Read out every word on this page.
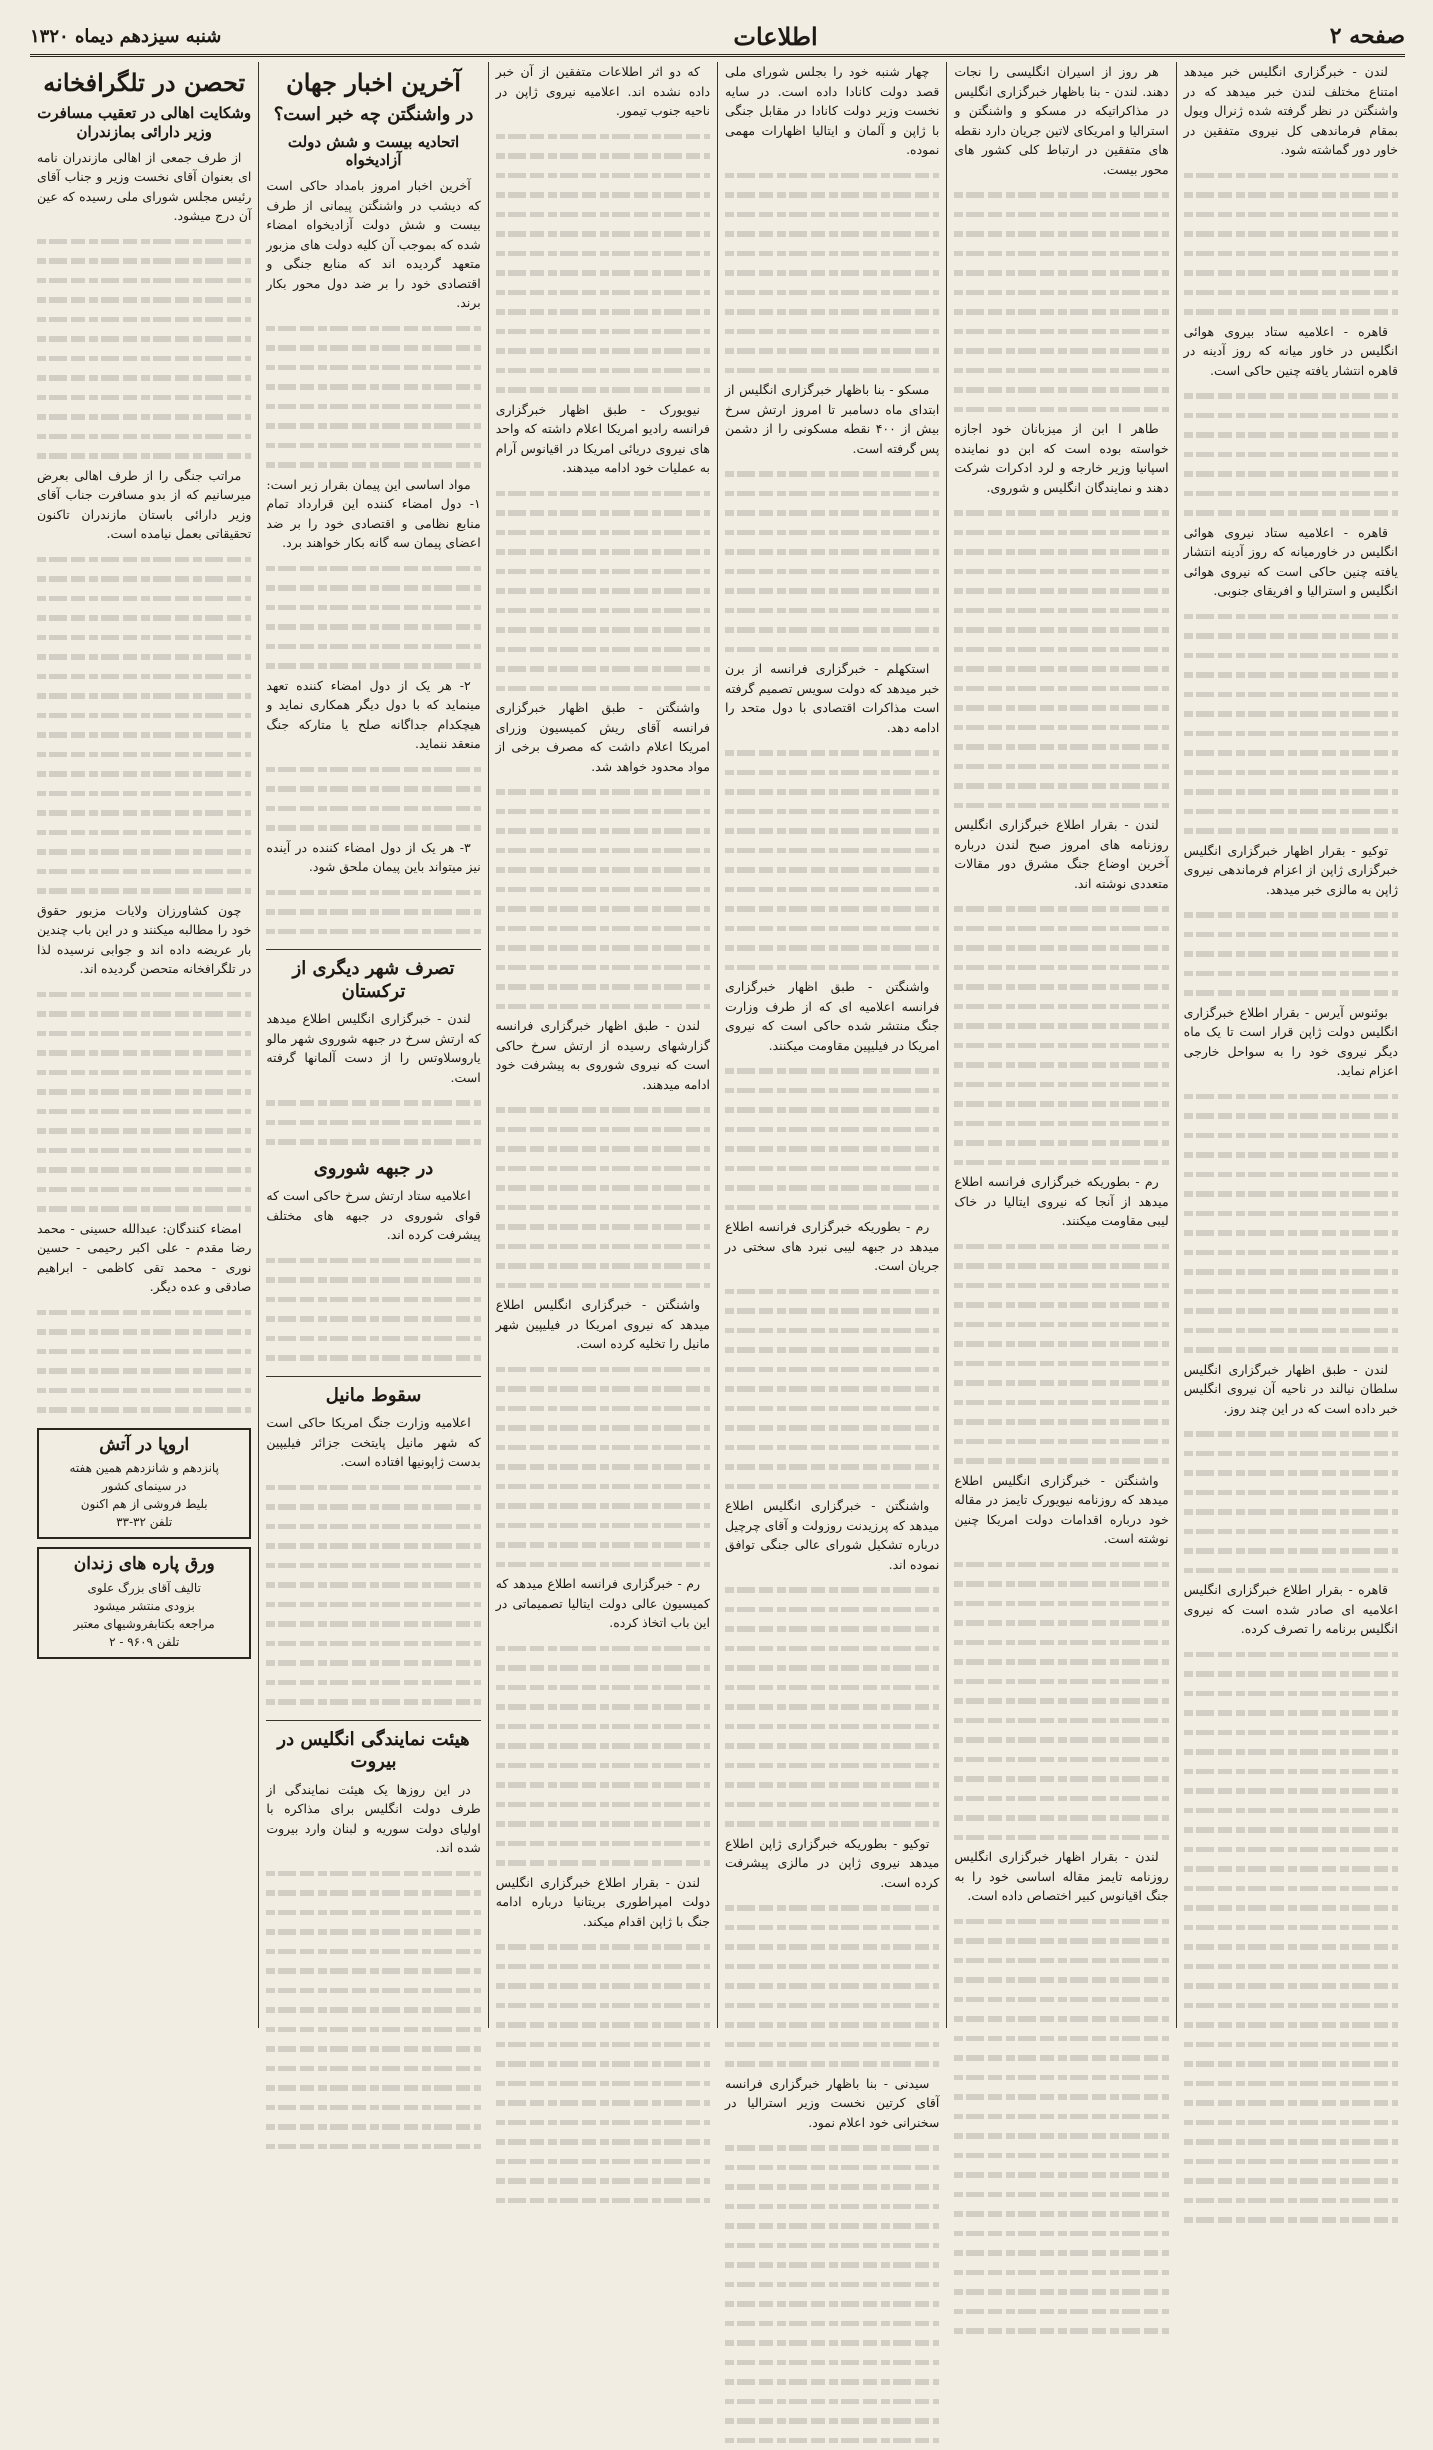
صفحه ۲
اطلاعات
شنبه سیزدهم دیماه ۱۳۲۰

لندن - خبرگزاری انگلیس خبر میدهد امتناع مختلف لندن خبر میدهد که در واشنگتن در نظر گرفته شده ژنرال ویول بمقام فرماندهی کل نیروی متفقین در خاور دور گماشته شود.

قاهره - اعلامیه ستاد بیروی هوائی انگلیس در خاور میانه که روز آدینه در قاهره انتشار یافته چنین حاکی است.

قاهره - اعلامیه ستاد نیروی هوائی انگلیس در خاورمیانه که روز آدینه انتشار یافته چنین حاکی است که نیروی هوائی انگلیس و استرالیا و افریقای جنوبی.

توکیو - بقرار اظهار خبرگزاری انگلیس خبرگزاری ژاپن از اعزام فرماندهی نیروی ژاپن به مالزی خبر میدهد.

بوئنوس آیرس - بقرار اطلاع خبرگزاری انگلیس دولت ژاپن قرار است تا یک ماه دیگر نیروی خود را به سواحل خارجی اعزام نماید.

لندن - طبق اظهار خبرگزاری انگلیس سلطان نیالند در ناحیه آن نیروی انگلیس خبر داده است که در این چند روز.

قاهره - بقرار اطلاع خبرگزاری انگلیس اعلامیه ای صادر شده است که نیروی انگلیس برنامه را تصرف کرده.

هر روز از اسیران انگلیسی را نجات دهند. لندن - بنا باظهار خبرگزاری انگلیس در مذاکراتیکه در مسکو و واشنگتن و استرالیا و امریکای لاتین جریان دارد نقطه های متفقین در ارتباط کلی کشور های محور بیست.

طاهر ا ابن از میزبانان خود اجازه خواسته بوده است که ابن دو نماینده اسپانیا وزیر خارجه و لرد ادکرات شرکت دهند و نمایندگان انگلیس و شوروی.

لندن - بقرار اطلاع خبرگزاری انگلیس روزنامه های امروز صبح لندن درباره آخرین اوضاع جنگ مشرق دور مقالات متعددی نوشته اند.

رم - بطوریکه خبرگزاری فرانسه اطلاع میدهد از آنجا که نیروی ایتالیا در خاک لیبی مقاومت میکنند.

واشنگتن - خبرگزاری انگلیس اطلاع میدهد که روزنامه نیویورک تایمز در مقاله خود درباره اقدامات دولت امریکا چنین نوشته است.

لندن - بقرار اظهار خبرگزاری انگلیس روزنامه تایمز مقاله اساسی خود را به جنگ اقیانوس کبیر اختصاص داده است.

چهار شنبه خود را بجلس شورای ملی قصد دولت کانادا داده است. در سایه نخست وزیر دولت کانادا در مقابل جنگی با ژاپن و آلمان و ایتالیا اظهارات مهمی نموده.

مسکو - بنا باظهار خبرگزاری انگلیس از ابتدای ماه دسامبر تا امروز ارتش سرخ بیش از ۴۰۰ نقطه مسکونی را از دشمن پس گرفته است.

استکهلم - خبرگزاری فرانسه از برن خبر میدهد که دولت سویس تصمیم گرفته است مذاکرات اقتصادی با دول متحد را ادامه دهد.

واشنگتن - طبق اظهار خبرگزاری فرانسه اعلامیه ای که از طرف وزارت جنگ منتشر شده حاکی است که نیروی امریکا در فیلیپین مقاومت میکنند.

رم - بطوریکه خبرگزاری فرانسه اطلاع میدهد در جبهه لیبی نبرد های سختی در جریان است.

واشنگتن - خبرگزاری انگلیس اطلاع میدهد که پرزیدنت روزولت و آقای چرچیل درباره تشکیل شورای عالی جنگی توافق نموده اند.

توکیو - بطوریکه خبرگزاری ژاپن اطلاع میدهد نیروی ژاپن در مالزی پیشرفت کرده است.

سیدنی - بنا باظهار خبرگزاری فرانسه آقای کرتین نخست وزیر استرالیا در سخنرانی خود اعلام نمود.

که دو اثر اطلاعات متفقین از آن خبر داده نشده اند. اعلامیه نیروی ژاپن در ناحیه جنوب تیمور.

نیویورک - طبق اظهار خبرگزاری فرانسه رادیو امریکا اعلام داشته که واحد های نیروی دریائی امریکا در اقیانوس آرام به عملیات خود ادامه میدهند.

واشنگتن - طبق اظهار خبرگزاری فرانسه آقای ریش کمیسیون وزرای امریکا اعلام داشت که مصرف برخی از مواد محدود خواهد شد.

لندن - طبق اظهار خبرگزاری فرانسه گزارشهای رسیده از ارتش سرخ حاکی است که نیروی شوروی به پیشرفت خود ادامه میدهند.

واشنگتن - خبرگزاری انگلیس اطلاع میدهد که نیروی امریکا در فیلیپین شهر مانیل را تخلیه کرده است.

رم - خبرگزاری فرانسه اطلاع میدهد که کمیسیون عالی دولت ایتالیا تصمیماتی در این باب اتخاذ کرده.

لندن - بقرار اطلاع خبرگزاری انگلیس دولت امپراطوری بریتانیا درباره ادامه جنگ با ژاپن اقدام میکند.

آخرین اخبار جهان
در واشنگتن چه خبر است؟
اتحادیه بیست و شش دولت آزادیخواه

آخرین اخبار امروز بامداد حاکی است که دیشب در واشنگتن پیمانی از طرف بیست و شش دولت آزادیخواه امضاء شده که بموجب آن کلیه دولت های مزبور متعهد گردیده اند که منابع جنگی و اقتصادی خود را بر ضد دول محور بکار برند.

مواد اساسی این پیمان بقرار زیر است: ۱- دول امضاء کننده این قرارداد تمام منابع نظامی و اقتصادی خود را بر ضد اعضای پیمان سه گانه بکار خواهند برد.

۲- هر یک از دول امضاء کننده تعهد مینماید که با دول دیگر همکاری نماید و هیچکدام جداگانه صلح یا متارکه جنگ منعقد ننماید.

۳- هر یک از دول امضاء کننده در آینده نیز میتواند باین پیمان ملحق شود.

تصرف شهر دیگری از ترکستان

لندن - خبرگزاری انگلیس اطلاع میدهد که ارتش سرخ در جبهه شوروی شهر مالو یاروسلاوتس را از دست آلمانها گرفته است.

در جبهه شوروی

اعلامیه ستاد ارتش سرخ حاکی است که قوای شوروی در جبهه های مختلف پیشرفت کرده اند.

سقوط مانیل

اعلامیه وزارت جنگ امریکا حاکی است که شهر مانیل پایتخت جزائر فیلیپین بدست ژاپونیها افتاده است.

هیئت نمایندگی انگلیس در بیروت

در این روزها یک هیئت نمایندگی از طرف دولت انگلیس برای مذاکره با اولیای دولت سوریه و لبنان وارد بیروت شده اند.

تحصن در تلگرافخانه
وشکایت اهالی در تعقیب مسافرت وزیر دارائی بمازندران

از طرف جمعی از اهالی مازندران نامه ای بعنوان آقای نخست وزیر و جناب آقای رئیس مجلس شورای ملی رسیده که عین آن درج میشود.

مراتب جنگی را از طرف اهالی بعرض میرسانیم که از بدو مسافرت جناب آقای وزیر دارائی باستان مازندران تاکنون تحقیقاتی بعمل نیامده است.

چون کشاورزان ولایات مزبور حقوق خود را مطالبه میکنند و در این باب چندین بار عریضه داده اند و جوابی نرسیده لذا در تلگرافخانه متحصن گردیده اند.

امضاء کنندگان: عبدالله حسینی - محمد رضا مقدم - علی اکبر رحیمی - حسین نوری - محمد تقی کاظمی - ابراهیم صادقی و عده دیگر.

اروپا در آتش
پانزدهم و شانزدهم همین هفته
در سینمای کشور
بلیط فروشی از هم اکنون
تلفن ۳۲-۳۳
ورق پاره های زندان
تالیف آقای بزرگ علوی
بزودی منتشر میشود
مراجعه بکتابفروشیهای معتبر
تلفن ۹۶۰۹ - ۲
